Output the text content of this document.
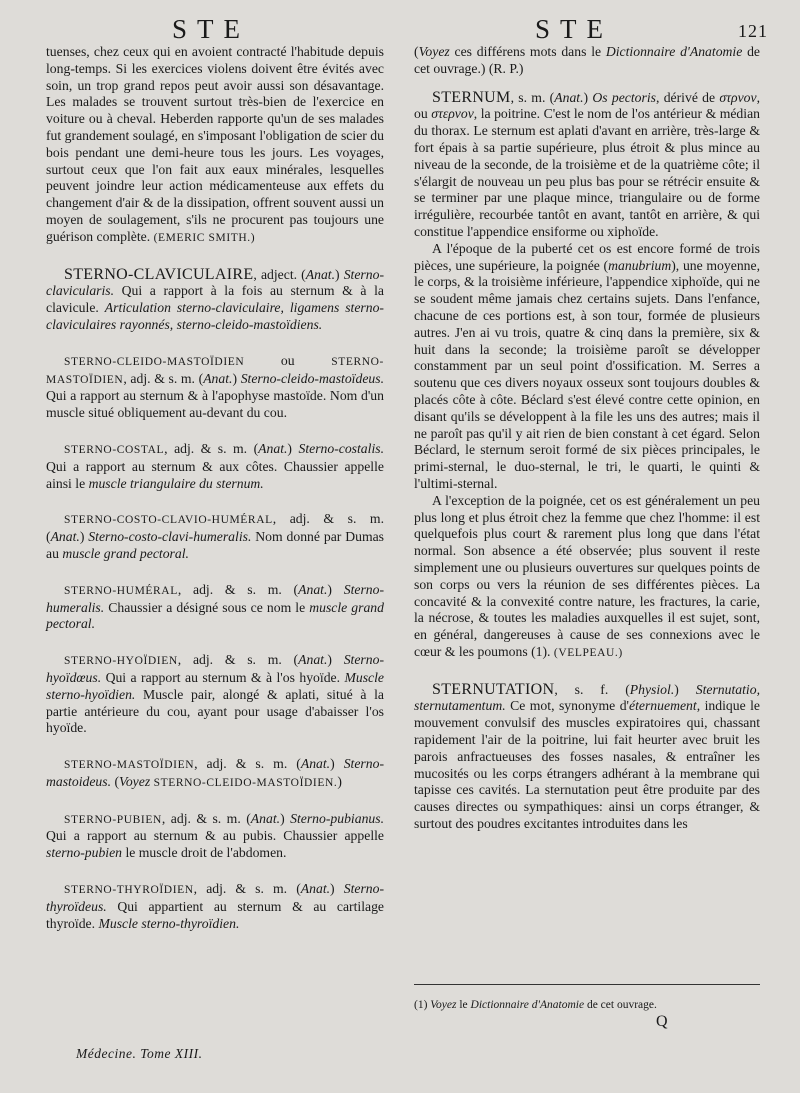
STE	STE	121

tuenses, chez ceux qui en avoient contracté l'habitude depuis long-temps. Si les exercices violens doivent être évités avec soin, un trop grand repos peut avoir aussi son désavantage. Les malades se trouvent surtout très-bien de l'exercice en voiture ou à cheval. Heberden rapporte qu'un de ses malades fut grandement soulagé, en s'imposant l'obligation de scier du bois pendant une demi-heure tous les jours. Les voyages, surtout ceux que l'on fait aux eaux minérales, lesquelles peuvent joindre leur action médicamenteuse aux effets du changement d'air & de la dissipation, offrent souvent aussi un moyen de soulagement, s'ils ne procurent pas toujours une guérison complète. (EMERIC SMITH.)

STERNO-CLAVICULAIRE, adject. (Anat.) Sterno-clavicularis. Qui a rapport à la fois au sternum & à la clavicule. Articulation sterno-claviculaire, ligamens sterno-claviculaires rayonnés, sterno-cleido-mastoïdiens.

STERNO-CLEIDO-MASTOÏDIEN ou STERNO-MASTOÏDIEN, adj. & s. m. (Anat.) Sterno-cleido-mastoïdeus. Qui a rapport au sternum & à l'apophyse mastoïde. Nom d'un muscle situé obliquement au-devant du cou.

STERNO-COSTAL, adj. & s. m. (Anat.) Sterno-costalis. Qui a rapport au sternum & aux côtes. Chaussier appelle ainsi le muscle triangulaire du sternum.

STERNO-COSTO-CLAVIO-HUMÉRAL, adj. & s. m. (Anat.) Sterno-costo-clavi-humeralis. Nom donné par Dumas au muscle grand pectoral.

STERNO-HUMÉRAL, adj. & s. m. (Anat.) Sterno-humeralis. Chaussier a désigné sous ce nom le muscle grand pectoral.

STERNO-HYOÏDIEN, adj. & s. m. (Anat.) Sterno-hyoïdœus. Qui a rapport au sternum & à l'os hyoïde. Muscle sterno-hyoïdien. Muscle pair, alongé & aplati, situé à la partie antérieure du cou, ayant pour usage d'abaisser l'os hyoïde.

STERNO-MASTOÏDIEN, adj. & s. m. (Anat.) Sterno-mastoideus. (Voyez STERNO-CLEIDO-MASTOÏDIEN.)

STERNO-PUBIEN, adj. & s. m. (Anat.) Sterno-pubianus. Qui a rapport au sternum & au pubis. Chaussier appelle sterno-pubien le muscle droit de l'abdomen.

STERNO-THYROÏDIEN, adj. & s. m. (Anat.) Sterno-thyroïdeus. Qui appartient au sternum & au cartilage thyroïde. Muscle sterno-thyroïdien.

Médecine. Tome XIII.

(Voyez ces différens mots dans le Dictionnaire d'Anatomie de cet ouvrage.) (R. P.)

STERNUM, s. m. (Anat.) Os pectoris, dérivé de στρνον, ou στερνον, la poitrine. C'est le nom de l'os antérieur & médian du thorax. Le sternum est aplati d'avant en arrière, très-large & fort épais à sa partie supérieure, plus étroit & plus mince au niveau de la seconde, de la troisième et de la quatrième côte; il s'élargit de nouveau un peu plus bas pour se rétrécir ensuite & se terminer par une plaque mince, triangulaire ou de forme irrégulière, recourbée tantôt en avant, tantôt en arrière, & qui constitue l'appendice ensiforme ou xiphoïde.

A l'époque de la puberté cet os est encore formé de trois pièces, une supérieure, la poignée (manubrium), une moyenne, le corps, & la troisième inférieure, l'appendice xiphoïde, qui ne se soudent même jamais chez certains sujets. Dans l'enfance, chacune de ces portions est, à son tour, formée de plusieurs autres. J'en ai vu trois, quatre & cinq dans la première, six & huit dans la seconde; la troisième paroît se développer constamment par un seul point d'ossification. M. Serres a soutenu que ces divers noyaux osseux sont toujours doubles & placés côte à côte. Béclard s'est élevé contre cette opinion, en disant qu'ils se développent à la file les uns des autres; mais il ne paroît pas qu'il y ait rien de bien constant à cet égard. Selon Béclard, le sternum seroit formé de six pièces principales, le primi-sternal, le duo-sternal, le tri, le quarti, le quinti & l'ultimi-sternal.

A l'exception de la poignée, cet os est généralement un peu plus long et plus étroit chez la femme que chez l'homme: il est quelquefois plus court & rarement plus long que dans l'état normal. Son absence a été observée; plus souvent il reste simplement une ou plusieurs ouvertures sur quelques points de son corps ou vers la réunion de ses différentes pièces. La concavité & la convexité contre nature, les fractures, la carie, la nécrose, & toutes les maladies auxquelles il est sujet, sont, en général, dangereuses à cause de ses connexions avec le cœur & les poumons (1). (VELPEAU.)

STERNUTATION, s. f. (Physiol.) Sternutatio, sternutamentum. Ce mot, synonyme d'éternuement, indique le mouvement convulsif des muscles expiratoires qui, chassant rapidement l'air de la poitrine, lui fait heurter avec bruit les parois anfractueuses des fosses nasales, & entraîner les mucosités ou les corps étrangers adhérant à la membrane qui tapisse ces cavités. La sternutation peut être produite par des causes directes ou sympathiques: ainsi un corps étranger, & surtout des poudres excitantes introduites dans les

(1) Voyez le Dictionnaire d'Anatomie de cet ouvrage.
Q
